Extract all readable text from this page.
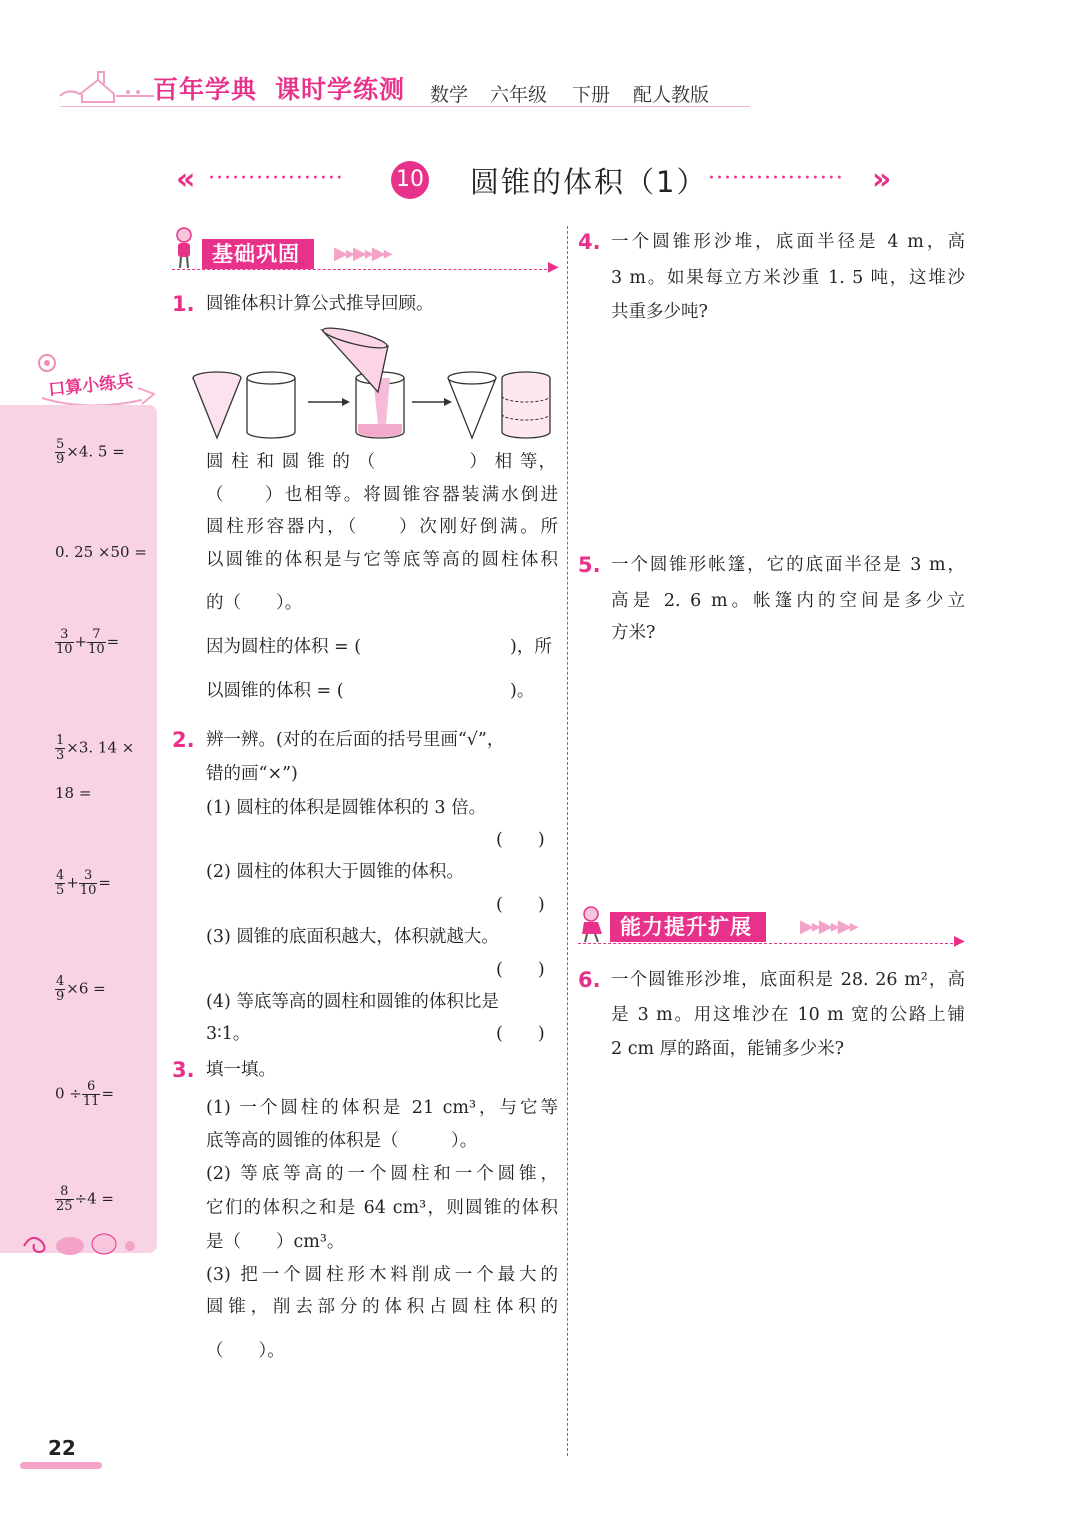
百年学典 课时学练测 数学 六年级 下册 配人教版
« ················· 10 圆锥的体积（1） ················· »
口算小练兵
$\frac{5}{9} \times 4$. 5 =
0. 25 ×50 =
$\frac{3}{10} + \frac{7}{10}$ =
$\frac{1}{3} \times 3$. 14 ×
18 =
$\frac{4}{5} + \frac{3}{10}$ =
$\frac{4}{9} \times 6$ =
$0 \div \frac{6}{11}$ =
$\frac{8}{25} \div 4$ =
基础巩固	▶▸▶▸▶▸
▶
1. 圆锥体积计算公式推导回顾。
圆 柱 和 圆 锥 的 （　　　　　） 相 等，
（　　）也相等。将圆锥容器装满水倒进
圆柱形容器内，（　　）次刚好倒满。所
以圆锥的体积是与它等底等高的圆柱体积
的（　　）。
因为圆柱的体积 = (	)，所
以圆锥的体积 = (	)。
2. 辨一辨。(对的在后面的括号里画“√”，
错的画“×”)
(1) 圆柱的体积是圆锥体积的 3 倍。
(　　)
(2) 圆柱的体积大于圆锥的体积。
(　　)
(3) 圆锥的底面积越大，体积就越大。
(　　)
(4) 等底等高的圆柱和圆锥的体积比是
3∶1。	(　　)
3. 填一填。
(1) 一个圆柱的体积是 21 cm³，与它等
底等高的圆锥的体积是（　　　）。
(2) 等底等高的一个圆柱和一个圆锥，
它们的体积之和是 64 cm³，则圆锥的体积
是（　　）cm³。
(3) 把一个圆柱形木料削成一个最大的
圆锥，削去部分的体积占圆柱体积的
（　　）。
4. 一个圆锥形沙堆，底面半径是 4 m，高
3 m。如果每立方米沙重 1. 5 吨，这堆沙
共重多少吨?
5. 一个圆锥形帐篷，它的底面半径是 3 m，
高是 2. 6 m。帐篷内的空间是多少立
方米?
能力提升扩展	▶▸▶▸▶▸
▶
6. 一个圆锥形沙堆，底面积是 28. 26 m²，高
是 3 m。用这堆沙在 10 m 宽的公路上铺
2 cm 厚的路面，能铺多少米?
22
